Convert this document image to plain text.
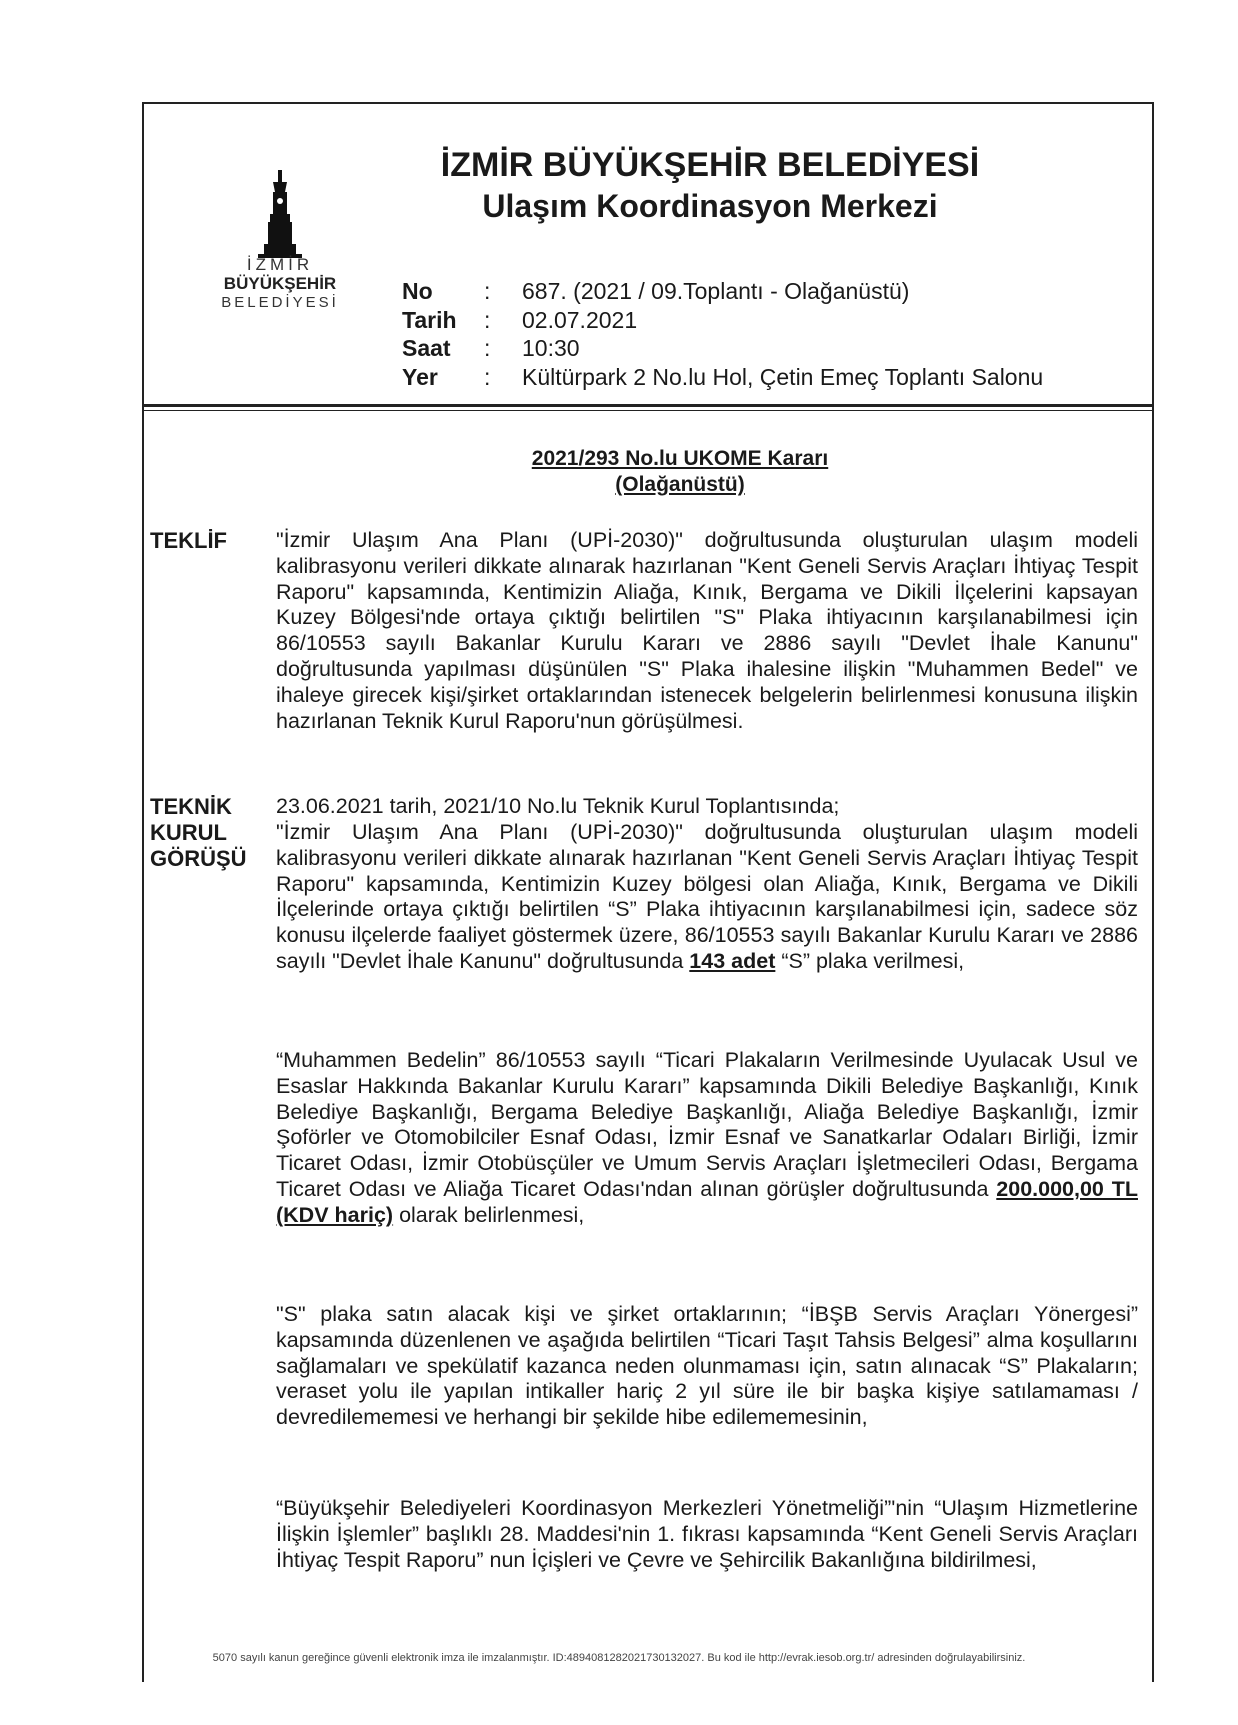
İZMİR
BÜYÜKŞEHİR
BELEDİYESİ
İZMİR BÜYÜKŞEHİR BELEDİYESİ
Ulaşım Koordinasyon Merkezi
No : 687. (2021 / 09.Toplantı - Olağanüstü)
Tarih : 02.07.2021
Saat : 10:30
Yer : Kültürpark 2 No.lu Hol, Çetin Emeç Toplantı Salonu
2021/293 No.lu UKOME Kararı
(Olağanüstü)
TEKLİF "İzmir Ulaşım Ana Planı (UPİ-2030)" doğrultusunda oluşturulan ulaşım modeli kalibrasyonu verileri dikkate alınarak hazırlanan "Kent Geneli Servis Araçları İhtiyaç Tespit Raporu" kapsamında, Kentimizin Aliağa, Kınık, Bergama ve Dikili İlçelerini kapsayan Kuzey Bölgesi'nde ortaya çıktığı belirtilen "S" Plaka ihtiyacının karşılanabilmesi için 86/10553 sayılı Bakanlar Kurulu Kararı ve 2886 sayılı "Devlet İhale Kanunu" doğrultusunda yapılması düşünülen "S" Plaka ihalesine ilişkin "Muhammen Bedel" ve ihaleye girecek kişi/şirket ortaklarından istenecek belgelerin belirlenmesi konusuna ilişkin hazırlanan Teknik Kurul Raporu'nun görüşülmesi.
TEKNİK
KURUL
GÖRÜŞÜ
23.06.2021 tarih, 2021/10 No.lu Teknik Kurul Toplantısında;
"İzmir Ulaşım Ana Planı (UPİ-2030)" doğrultusunda oluşturulan ulaşım modeli kalibrasyonu verileri dikkate alınarak hazırlanan "Kent Geneli Servis Araçları İhtiyaç Tespit Raporu" kapsamında, Kentimizin Kuzey bölgesi olan Aliağa, Kınık, Bergama ve Dikili İlçelerinde ortaya çıktığı belirtilen “S” Plaka ihtiyacının karşılanabilmesi için, sadece söz konusu ilçelerde faaliyet göstermek üzere, 86/10553 sayılı Bakanlar Kurulu Kararı ve 2886 sayılı "Devlet İhale Kanunu" doğrultusunda 143 adet “S” plaka verilmesi,
“Muhammen Bedelin” 86/10553 sayılı “Ticari Plakaların Verilmesinde Uyulacak Usul ve Esaslar Hakkında Bakanlar Kurulu Kararı” kapsamında Dikili Belediye Başkanlığı, Kınık Belediye Başkanlığı, Bergama Belediye Başkanlığı, Aliağa Belediye Başkanlığı, İzmir Şoförler ve Otomobilciler Esnaf Odası, İzmir Esnaf ve Sanatkarlar Odaları Birliği, İzmir Ticaret Odası, İzmir Otobüsçüler ve Umum Servis Araçları İşletmecileri Odası, Bergama Ticaret Odası ve Aliağa Ticaret Odası'ndan alınan görüşler doğrultusunda 200.000,00 TL (KDV hariç) olarak belirlenmesi,
"S" plaka satın alacak kişi ve şirket ortaklarının; “İBŞB Servis Araçları Yönergesi” kapsamında düzenlenen ve aşağıda belirtilen “Ticari Taşıt Tahsis Belgesi” alma koşullarını sağlamaları ve spekülatif kazanca neden olunmaması için, satın alınacak “S” Plakaların; veraset yolu ile yapılan intikaller hariç 2 yıl süre ile bir başka kişiye satılamaması / devredilememesi ve herhangi bir şekilde hibe edilememesinin,
“Büyükşehir Belediyeleri Koordinasyon Merkezleri Yönetmeliği”'nin “Ulaşım Hizmetlerine İlişkin İşlemler” başlıklı 28. Maddesi'nin 1. fıkrası kapsamında “Kent Geneli Servis Araçları İhtiyaç Tespit Raporu” nun İçişleri ve Çevre ve Şehircilik Bakanlığına bildirilmesi,
5070 sayılı kanun gereğince güvenli elektronik imza ile imzalanmıştır. ID:4894081282021730132027. Bu kod ile http://evrak.iesob.org.tr/ adresinden doğrulayabilirsiniz.
